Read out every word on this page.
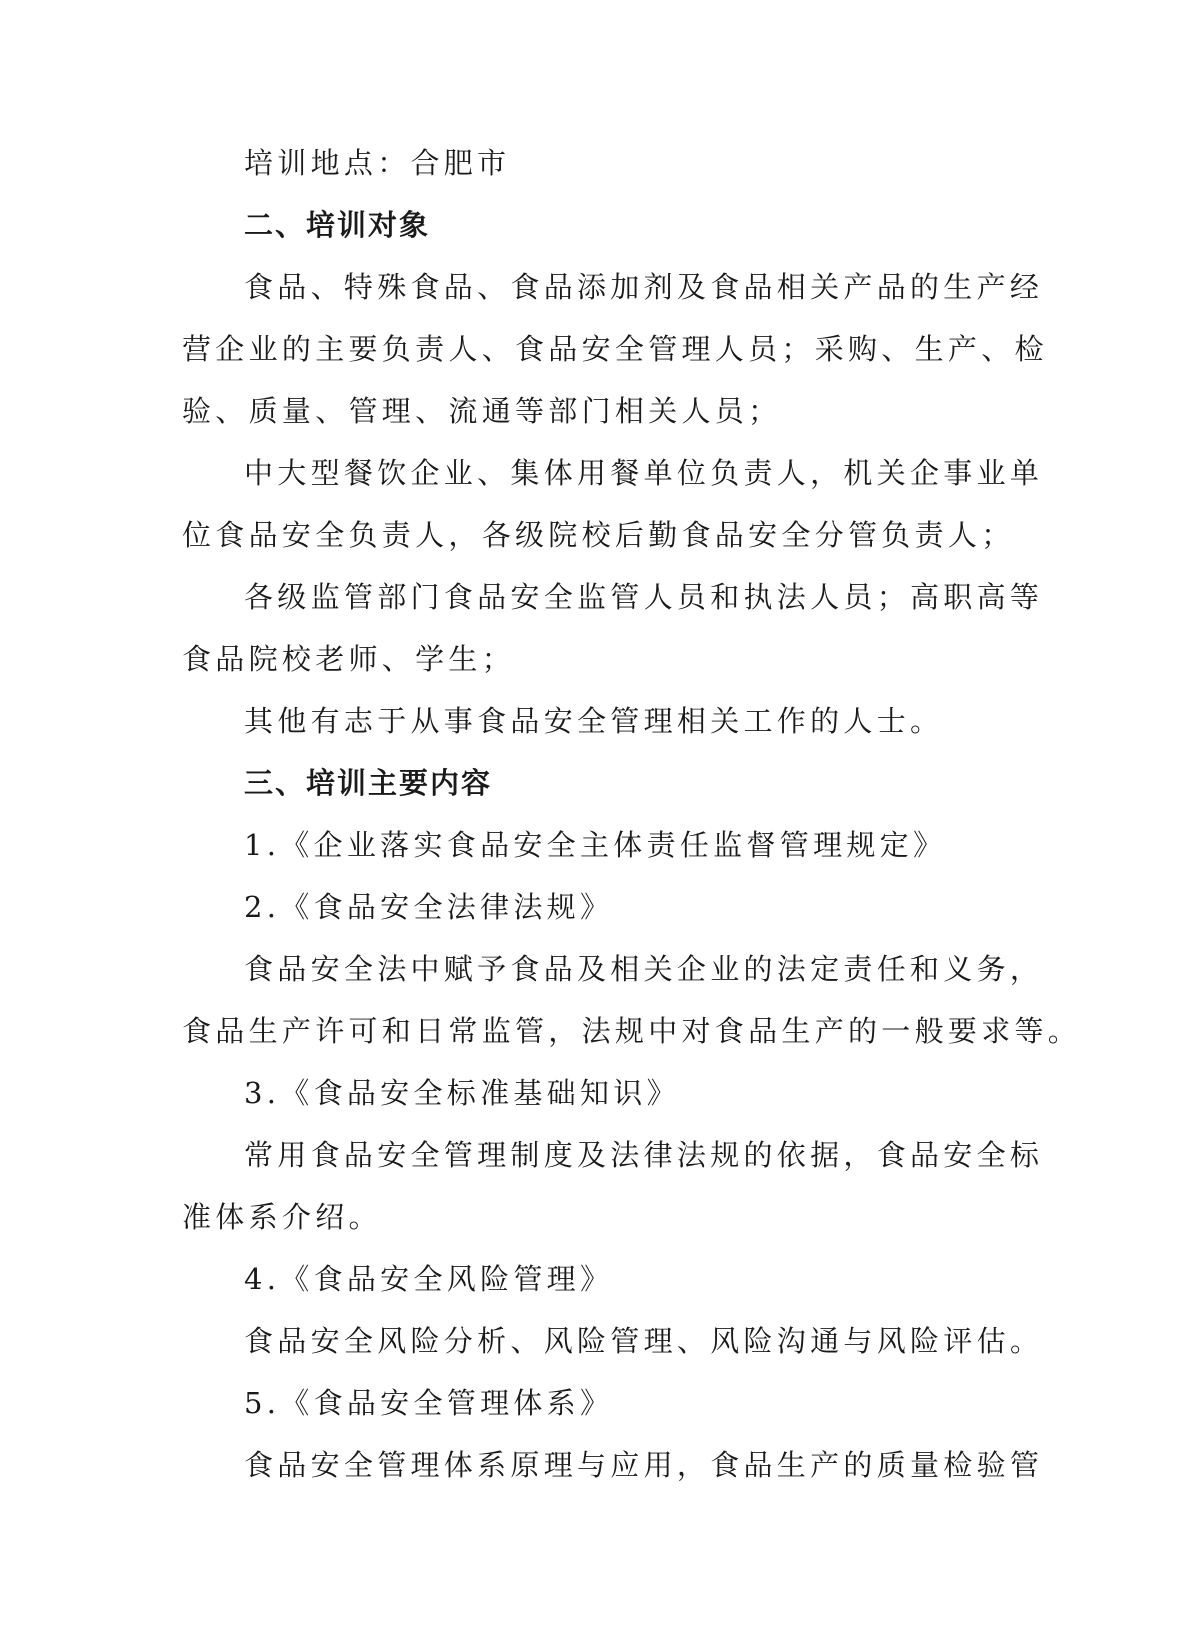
培训地点：合肥市
二、培训对象
食品、特殊食品、食品添加剂及食品相关产品的生产经
营企业的主要负责人、食品安全管理人员；采购、生产、检
验、质量、管理、流通等部门相关人员；
中大型餐饮企业、集体用餐单位负责人，机关企事业单
位食品安全负责人，各级院校后勤食品安全分管负责人；
各级监管部门食品安全监管人员和执法人员；高职高等
食品院校老师、学生；
其他有志于从事食品安全管理相关工作的人士。
三、培训主要内容
1.《企业落实食品安全主体责任监督管理规定》
2.《食品安全法律法规》
食品安全法中赋予食品及相关企业的法定责任和义务，
食品生产许可和日常监管，法规中对食品生产的一般要求等。
3.《食品安全标准基础知识》
常用食品安全管理制度及法律法规的依据，食品安全标
准体系介绍。
4.《食品安全风险管理》
食品安全风险分析、风险管理、风险沟通与风险评估。
5.《食品安全管理体系》
食品安全管理体系原理与应用，食品生产的质量检验管
